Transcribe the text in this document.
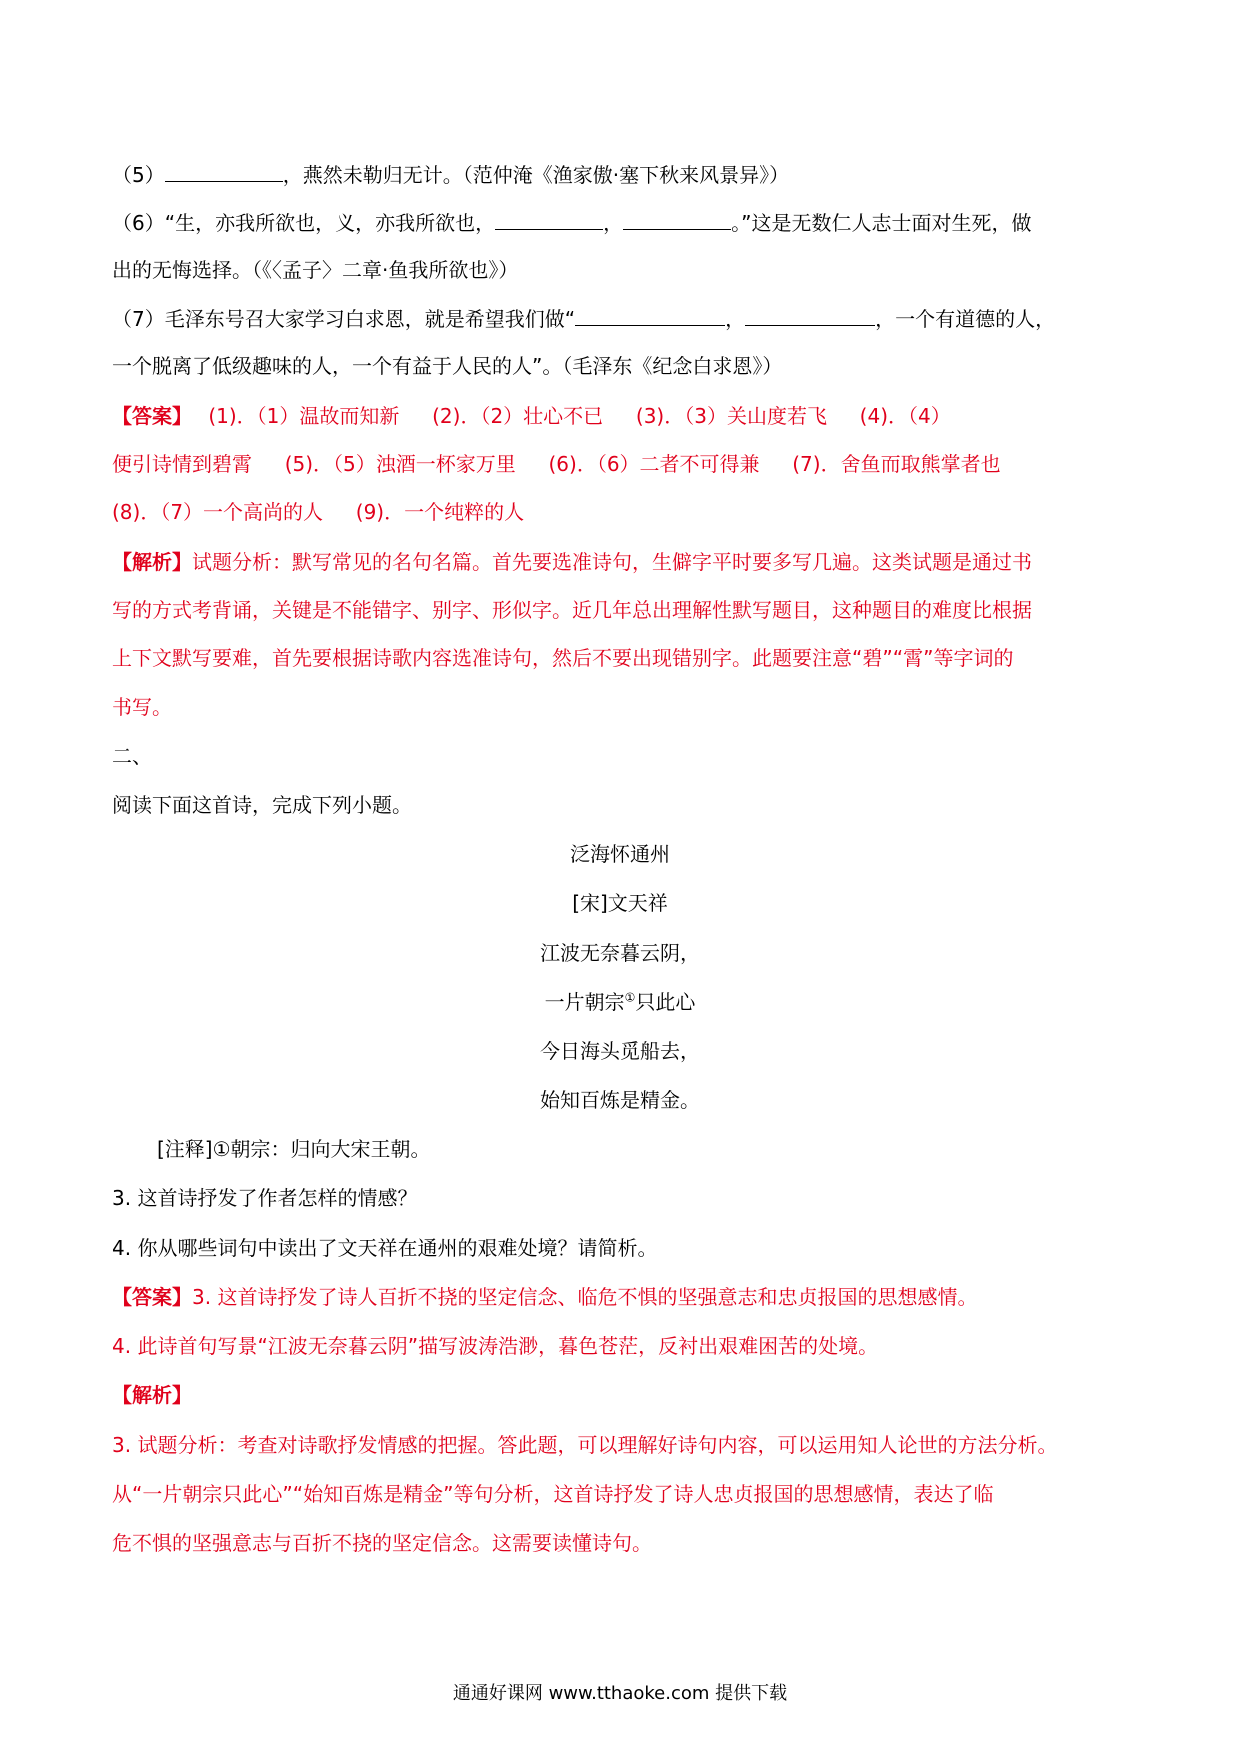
（5）	，燕然未勒归无计。（范仲淹《渔家傲·塞下秋来风景异》）
（6）“生，亦我所欲也，义，亦我所欲也，	，	。”这是无数仁人志士面对生死，做
出的无悔选择。（《〈孟子〉二章·鱼我所欲也》）
（7）毛泽东号召大家学习白求恩，就是希望我们做“	，	，一个有道德的人，
一个脱离了低级趣味的人，一个有益于人民的人”。（毛泽东《纪念白求恩》）
【答案】　 (1)．（1）温故而知新 　 (2)．（2）壮心不已 　 (3)．（3）关山度若飞 　 (4)．（4）
便引诗情到碧霄 　 (5)．（5）浊酒一杯家万里 　 (6)．（6）二者不可得兼 　 (7)．舍鱼而取熊掌者也
(8)．（7）一个高尚的人 　 (9)．一个纯粹的人
【解析】试题分析：默写常见的名句名篇。首先要选准诗句，生僻字平时要多写几遍。这类试题是通过书
写的方式考背诵，关键是不能错字、别字、形似字。近几年总出理解性默写题目，这种题目的难度比根据
上下文默写要难，首先要根据诗歌内容选准诗句，然后不要出现错别字。此题要注意“碧”“霄”等字词的
书写。
二、
阅读下面这首诗，完成下列小题。
泛海怀通州
[宋]文天祥
江波无奈暮云阴，
一片朝宗①只此心
今日海头觅船去，
始知百炼是精金。
[注释]①朝宗：归向大宋王朝。
3. 这首诗抒发了作者怎样的情感？
4. 你从哪些词句中读出了文天祥在通州的艰难处境？请简析。
【答案】3. 这首诗抒发了诗人百折不挠的坚定信念、临危不惧的坚强意志和忠贞报国的思想感情。
4. 此诗首句写景“江波无奈暮云阴”描写波涛浩渺，暮色苍茫，反衬出艰难困苦的处境。
【解析】
3. 试题分析：考查对诗歌抒发情感的把握。答此题，可以理解好诗句内容，可以运用知人论世的方法分析。
从“一片朝宗只此心”“始知百炼是精金”等句分析，这首诗抒发了诗人忠贞报国的思想感情，表达了临
危不惧的坚强意志与百折不挠的坚定信念。这需要读懂诗句。
通通好课网 www.tthaoke.com 提供下载
